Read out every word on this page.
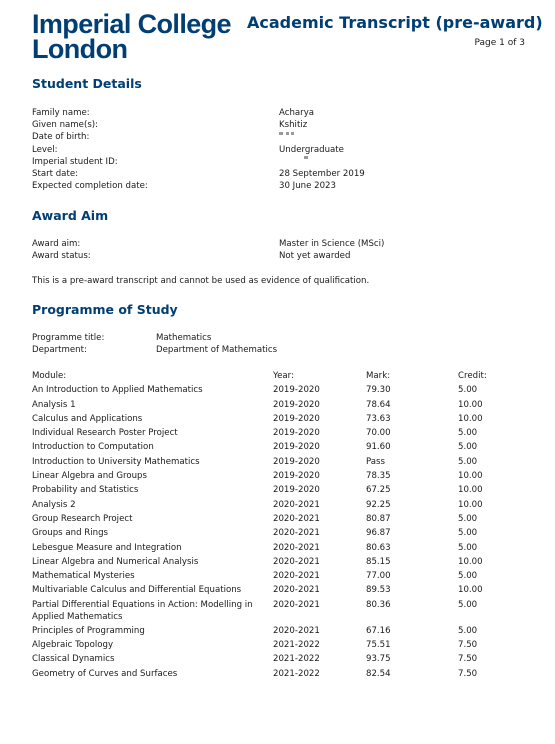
Imperial College
London
Academic Transcript (pre-award)
Page 1 of 3
Student Details
Family name:	Acharya
Given name(s):	Kshitiz
Date of birth:

Level:	Undergraduate
Imperial student ID:
Start date:	28 September 2019
Expected completion date:	30 June 2023
Award Aim
Award aim:	Master in Science (MSci)
Award status:	Not yet awarded
This is a pre-award transcript and cannot be used as evidence of qualification.
Programme of Study
Programme title:	Mathematics
Department:	Department of Mathematics
Module:	Year:	Mark:	Credit:
An Introduction to Applied Mathematics	2019-2020	79.30	5.00
Analysis 1	2019-2020	78.64	10.00
Calculus and Applications	2019-2020	73.63	10.00
Individual Research Poster Project	2019-2020	70.00	5.00
Introduction to Computation	2019-2020	91.60	5.00
Introduction to University Mathematics	2019-2020	Pass	5.00
Linear Algebra and Groups	2019-2020	78.35	10.00
Probability and Statistics	2019-2020	67.25	10.00
Analysis 2	2020-2021	92.25	10.00
Group Research Project	2020-2021	80.87	5.00
Groups and Rings	2020-2021	96.87	5.00
Lebesgue Measure and Integration	2020-2021	80.63	5.00
Linear Algebra and Numerical Analysis	2020-2021	85.15	10.00
Mathematical Mysteries	2020-2021	77.00	5.00
Multivariable Calculus and Differential Equations	2020-2021	89.53	10.00
Partial Differential Equations in Action: Modelling in Applied Mathematics
2020-2021	80.36	5.00
Principles of Programming	2020-2021	67.16	5.00
Algebraic Topology	2021-2022	75.51	7.50
Classical Dynamics	2021-2022	93.75	7.50
Geometry of Curves and Surfaces	2021-2022	82.54	7.50
